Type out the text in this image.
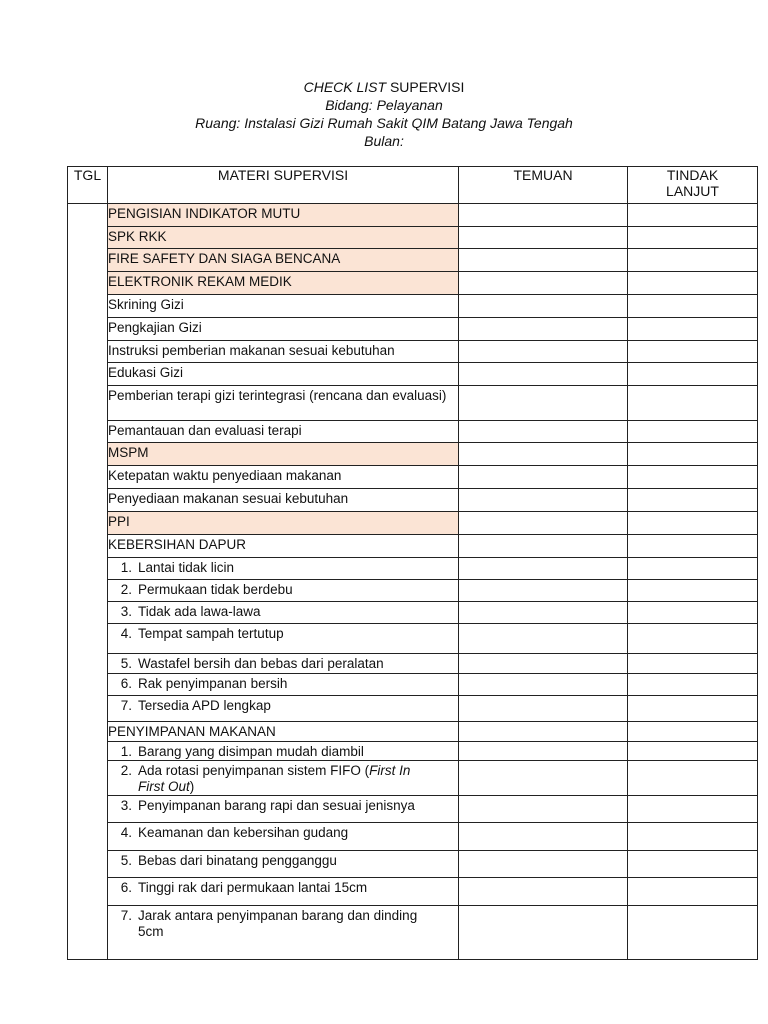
CHECK LIST SUPERVISI
Bidang: Pelayanan
Ruang: Instalasi Gizi Rumah Sakit QIM Batang Jawa Tengah
Bulan:
TGL	MATERI SUPERVISI	TEMUAN	TINDAK LANJUT

	PENGISIAN INDIKATOR MUTU		

	SPK RKK		

	FIRE SAFETY DAN SIAGA BENCANA		

	ELEKTRONIK REKAM MEDIK		

	Skrining Gizi		

	Pengkajian Gizi		

	Instruksi pemberian makanan sesuai kebutuhan		

	Edukasi Gizi		

	Pemberian terapi gizi terintegrasi (rencana dan evaluasi)		

	Pemantauan dan evaluasi terapi		

	MSPM		

	Ketepatan waktu penyediaan makanan		

	Penyediaan makanan sesuai kebutuhan		

	PPI		

	KEBERSIHAN DAPUR		

	1. Lantai tidak licin		

	2. Permukaan tidak berdebu		

	3. Tidak ada lawa-lawa		

	4. Tempat sampah tertutup		

	5. Wastafel bersih dan bebas dari peralatan		

	6. Rak penyimpanan bersih		

	7. Tersedia APD lengkap		

	PENYIMPANAN MAKANAN		

	1. Barang yang disimpan mudah diambil		

	2. Ada rotasi penyimpanan sistem FIFO (First In First Out)		

	3. Penyimpanan barang rapi dan sesuai jenisnya		

	4. Keamanan dan kebersihan gudang		

	5. Bebas dari binatang pengganggu		

	6. Tinggi rak dari permukaan lantai 15cm		

	7. Jarak antara penyimpanan barang dan dinding 5cm		
